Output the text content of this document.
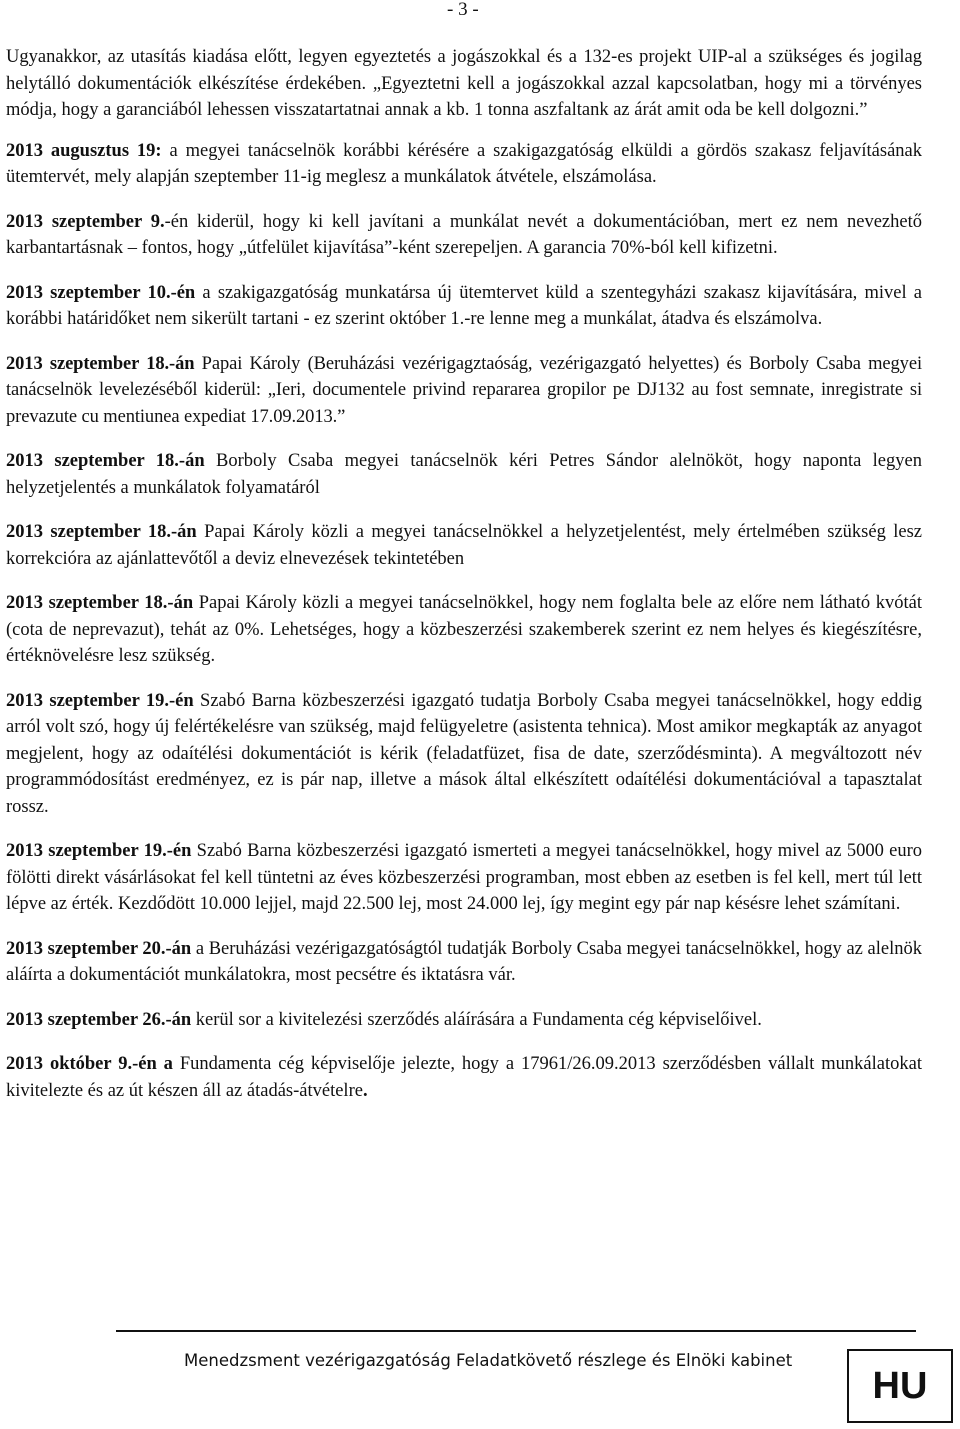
- 3 -

Ugyanakkor, az utasítás kiadása előtt, legyen egyeztetés a jogászokkal és a 132-es projekt UIP-al a szükséges és jogilag helytálló dokumentációk elkészítése érdekében. „Egyeztetni kell a jogászokkal azzal kapcsolatban, hogy mi a törvényes módja, hogy a garanciából lehessen visszatartatnai annak a kb. 1 tonna aszfaltank az árát amit oda be kell dolgozni.”

2013 augusztus 19: a megyei tanácselnök korábbi kérésére a szakigazgatóság elküldi a gördös szakasz feljavításának ütemtervét, mely alapján szeptember 11-ig meglesz a munkálatok átvétele, elszámolása.

2013 szeptember 9.-én kiderül, hogy ki kell javítani a munkálat nevét a dokumentációban, mert ez nem nevezhető karbantartásnak – fontos, hogy „útfelület kijavítása”-ként szerepeljen. A garancia 70%-ból kell kifizetni.

2013 szeptember 10.-én a szakigazgatóság munkatársa új ütemtervet küld a szentegyházi szakasz kijavítására, mivel a korábbi határidőket nem sikerült tartani - ez szerint október 1.-re lenne meg a munkálat, átadva és elszámolva.

2013 szeptember 18.-án Papai Károly (Beruházási vezérigagztaóság, vezérigazgató helyettes) és Borboly Csaba megyei tanácselnök levelezéséből kiderül: „Ieri, documentele privind repararea gropilor pe DJ132 au fost semnate, inregistrate si prevazute cu mentiunea expediat 17.09.2013.”

2013 szeptember 18.-án Borboly Csaba megyei tanácselnök kéri Petres Sándor alelnököt, hogy naponta legyen helyzetjelentés a munkálatok folyamatáról

2013 szeptember 18.-án Papai Károly közli a megyei tanácselnökkel a helyzetjelentést, mely értelmében szükség lesz korrekcióra az ajánlattevőtől a deviz elnevezések tekintetében

2013 szeptember 18.-án Papai Károly közli a megyei tanácselnökkel, hogy nem foglalta bele az előre nem látható kvótát (cota de neprevazut), tehát az 0%. Lehetséges, hogy a közbeszerzési szakemberek szerint ez nem helyes és kiegészítésre, értéknövelésre lesz szükség.

2013 szeptember 19.-én Szabó Barna közbeszerzési igazgató tudatja Borboly Csaba megyei tanácselnökkel, hogy eddig arról volt szó, hogy új felértékelésre van szükség, majd felügyeletre (asistenta tehnica). Most amikor megkapták az anyagot megjelent, hogy az odaítélési dokumentációt is kérik (feladatfüzet, fisa de date, szerződésminta). A megváltozott név programmódosítást eredményez, ez is pár nap, illetve a mások által elkészített odaítélési dokumentációval a tapasztalat rossz.

2013 szeptember 19.-én Szabó Barna közbeszerzési igazgató ismerteti a megyei tanácselnökkel, hogy mivel az 5000 euro fölötti direkt vásárlásokat fel kell tüntetni az éves közbeszerzési programban, most ebben az esetben is fel kell, mert túl lett lépve az érték. Kezdődött 10.000 lejjel, majd 22.500 lej, most 24.000 lej, így megint egy pár nap késésre lehet számítani.

2013 szeptember 20.-án a Beruházási vezérigazgatóságtól tudatják Borboly Csaba megyei tanácselnökkel, hogy az alelnök aláírta a dokumentációt munkálatokra, most pecsétre és iktatásra vár.

2013 szeptember 26.-án kerül sor a kivitelezési szerződés aláírására a Fundamenta cég képviselőivel.

2013 október 9.-én a Fundamenta cég képviselője jelezte, hogy a 17961/26.09.2013 szerződésben vállalt munkálatokat kivitelezte és az út készen áll az átadás-átvételre.

Menedzsment vezérigazgatóság Feladatkövető részlege és Elnöki kabinet
HU
